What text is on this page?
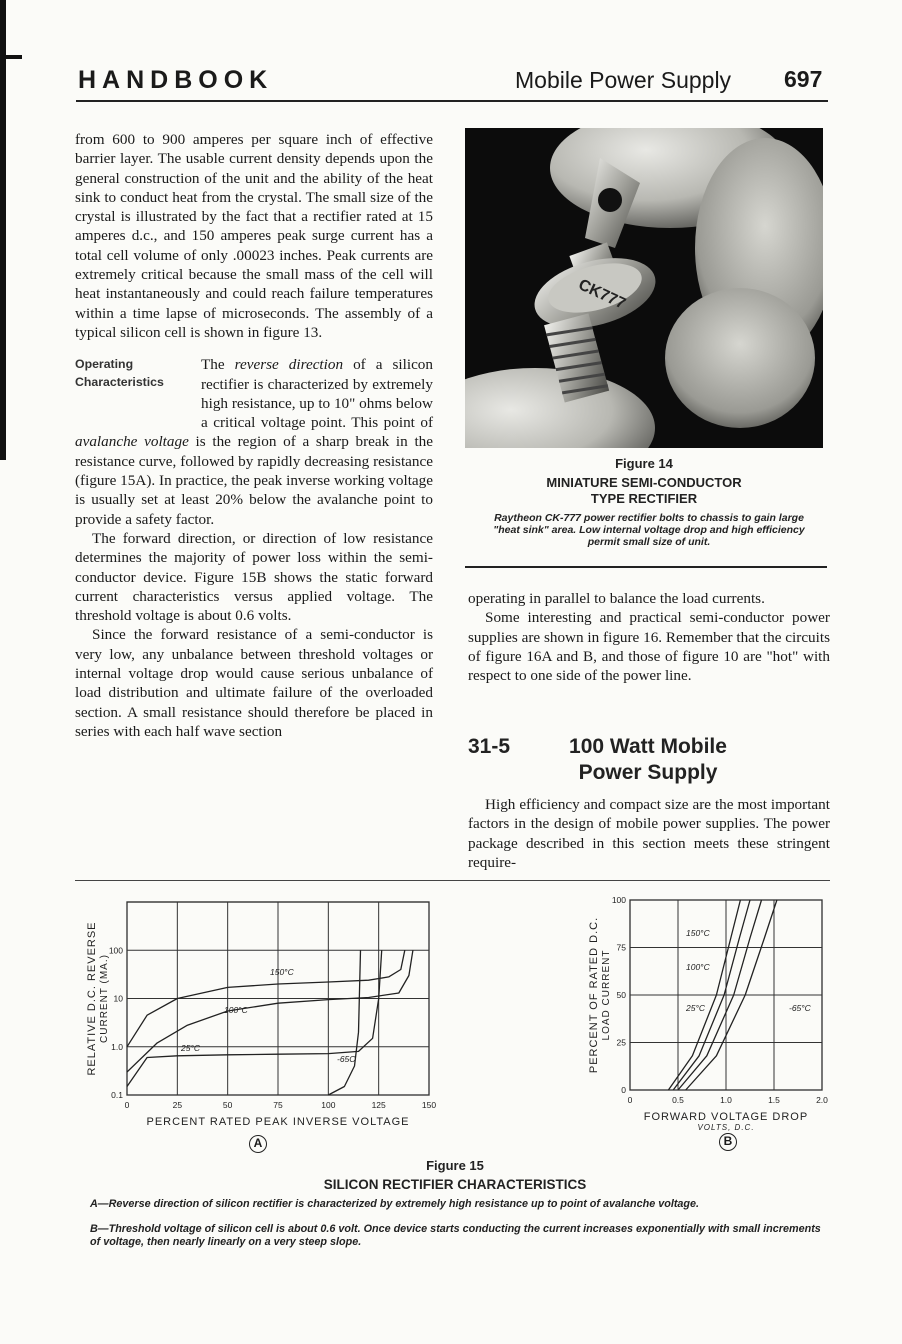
HANDBOOK	Mobile Power Supply 697

from 600 to 900 amperes per square inch of effective barrier layer. The usable current density depends upon the general construction of the unit and the ability of the heat sink to conduct heat from the crystal. The small size of the crystal is illustrated by the fact that a rectifier rated at 15 amperes d.c., and 150 amperes peak surge current has a total cell volume of only .00023 inches. Peak currents are extremely critical because the small mass of the cell will heat instantaneously and could reach failure temperatures within a time lapse of microseconds. The assembly of a typical silicon cell is shown in figure 13.

Operating
Characteristics

The reverse direction of a silicon rectifier is characterized by extremely high resistance, up to 10" ohms below a critical voltage point. This point of avalanche voltage is the region of a sharp break in the resistance curve, followed by rapidly decreasing resistance (figure 15A). In practice, the peak inverse working voltage is usually set at least 20% below the avalanche point to provide a safety factor.

The forward direction, or direction of low resistance determines the majority of power loss within the semi-conductor device. Figure 15B shows the static forward current characteristics versus applied voltage. The threshold voltage is about 0.6 volts.

Since the forward resistance of a semi-conductor is very low, any unbalance between threshold voltages or internal voltage drop would cause serious unbalance of load distribution and ultimate failure of the overloaded section. A small resistance should therefore be placed in series with each half wave section

CK777
Figure 14
MINIATURE SEMI-CONDUCTOR
TYPE RECTIFIER
Raytheon CK-777 power rectifier bolts to chassis to gain large "heat sink" area. Low internal voltage drop and high efficiency permit small size of unit.

operating in parallel to balance the load currents.

Some interesting and practical semi-conductor power supplies are shown in figure 16. Remember that the circuits of figure 16A and B, and those of figure 10 are "hot" with respect to one side of the power line.

31-5	100 Watt Mobile
Power Supply

High efficiency and compact size are the most important factors in the design of mobile power supplies. The power package described in this section meets these stringent require-

0	25	50	75	100	125	150
0.1
1.0
10
100
150°C
100°C
25°C
-65C
PERCENT RATED PEAK INVERSE VOLTAGE
RELATIVE D.C. REVERSE CURRENT (MA.)
0	0.5	1.0	1.5	2.0
0
25
50
75
100
150°C
100°C
25°C	-65°C
FORWARD VOLTAGE DROP
VOLTS, D.C.
PERCENT OF RATED D.C. LOAD CURRENT
A	B
Figure 15
SILICON RECTIFIER CHARACTERISTICS
A—Reverse direction of silicon rectifier is characterized by extremely high resistance up to point of avalanche voltage.
B—Threshold voltage of silicon cell is about 0.6 volt. Once device starts conducting the current increases exponentially with small increments of voltage, then nearly linearly on a very steep slope.
